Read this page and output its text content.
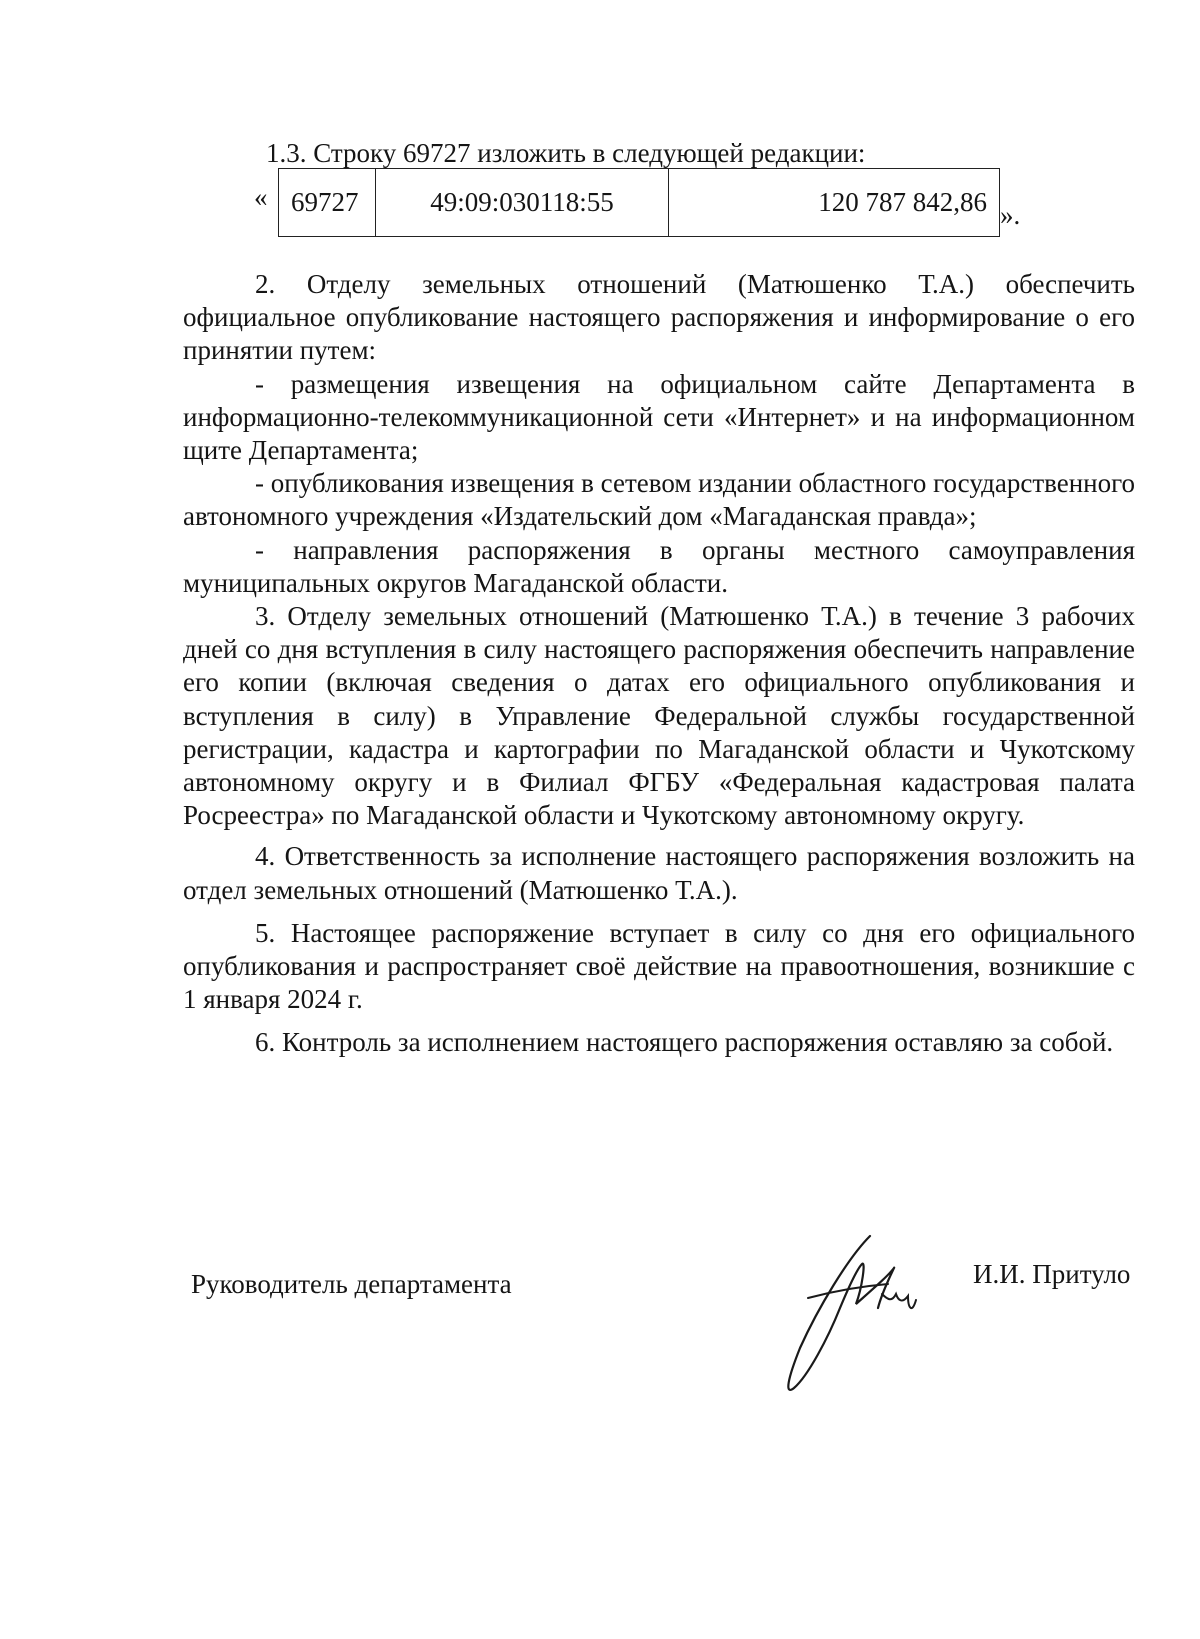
1.3. Строку 69727 изложить в следующей редакции:
« 69727	49:09:030118:55	120 787 842,86 ».

2. Отделу земельных отношений (Матюшенко Т.А.) обеспечить официальное опубликование настоящего распоряжения и информирование о его принятии путем:

- размещения извещения на официальном сайте Департамента в информационно-телекоммуникационной сети «Интернет» и на информационном щите Департамента;

- опубликования извещения в сетевом издании областного государственного автономного учреждения «Издательский дом «Магаданская правда»;

- направления распоряжения в органы местного самоуправления муниципальных округов Магаданской области.

3. Отделу земельных отношений (Матюшенко Т.А.) в течение 3 рабочих дней со дня вступления в силу настоящего распоряжения обеспечить направление его копии (включая сведения о датах его официального опубликования и вступления в силу) в Управление Федеральной службы государственной регистрации, кадастра и картографии по Магаданской области и Чукотскому автономному округу и в Филиал ФГБУ «Федеральная кадастровая палата Росреестра» по Магаданской области и Чукотскому автономному округу.

4. Ответственность за исполнение настоящего распоряжения возложить на отдел земельных отношений (Матюшенко Т.А.).

5. Настоящее распоряжение вступает в силу со дня его официального опубликования и распространяет своё действие на правоотношения, возникшие с 1 января 2024 г.

6. Контроль за исполнением настоящего распоряжения оставляю за собой.

Руководитель департамента	И.И. Притуло
